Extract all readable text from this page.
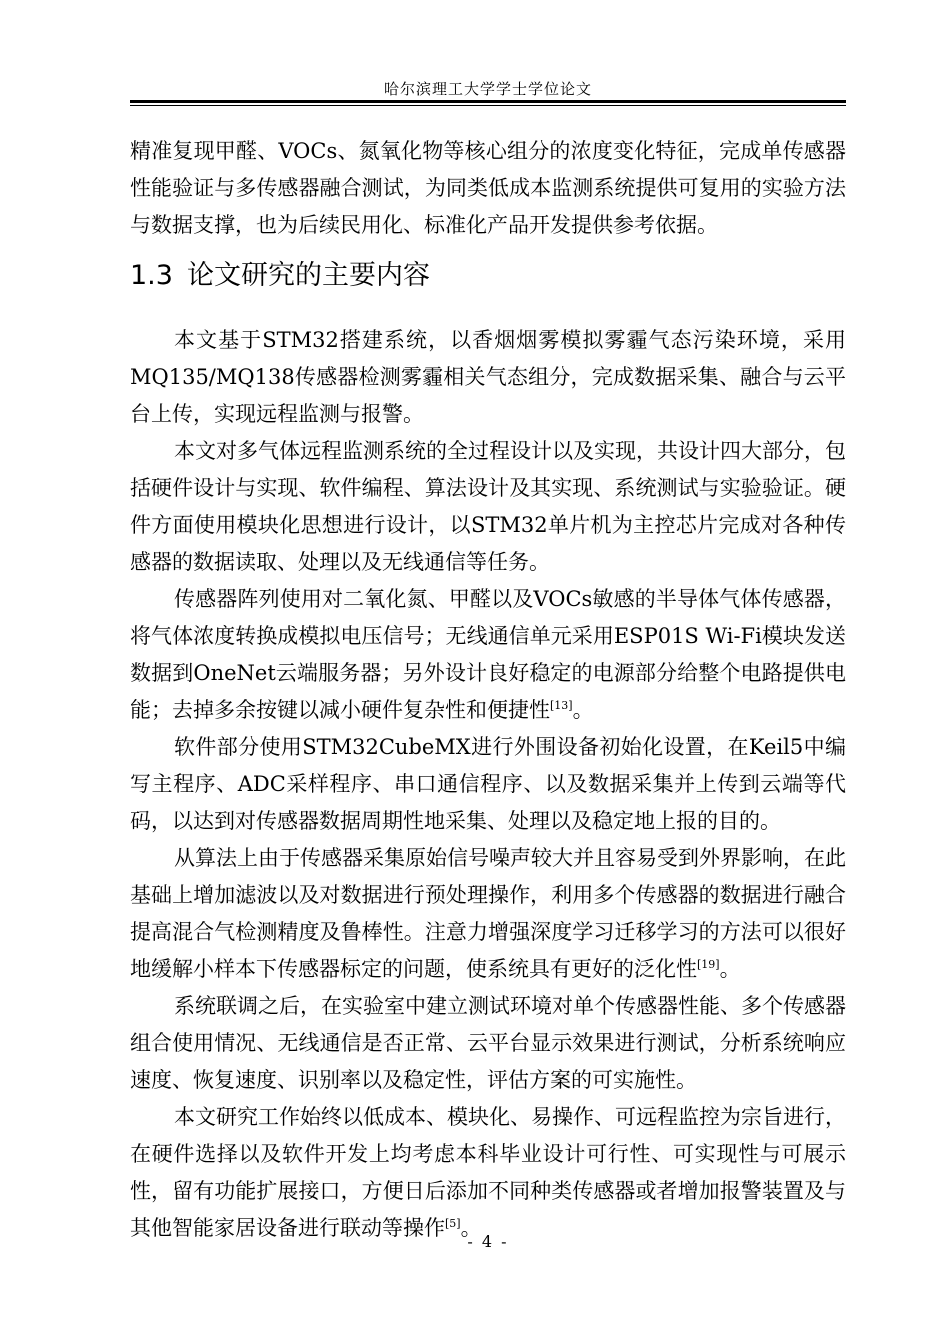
哈尔滨理工大学学士学位论文

精准复现甲醛、VOCs、氮氧化物等核心组分的浓度变化特征，完成单传感器性能验证与多传感器融合测试，为同类低成本监测系统提供可复用的实验方法与数据支撑，也为后续民用化、标准化产品开发提供参考依据。

1.3 论文研究的主要内容

本文基于STM32搭建系统，以香烟烟雾模拟雾霾气态污染环境，采用MQ135/MQ138传感器检测雾霾相关气态组分，完成数据采集、融合与云平台上传，实现远程监测与报警。

本文对多气体远程监测系统的全过程设计以及实现，共设计四大部分，包括硬件设计与实现、软件编程、算法设计及其实现、系统测试与实验验证。硬件方面使用模块化思想进行设计，以STM32单片机为主控芯片完成对各种传感器的数据读取、处理以及无线通信等任务。

传感器阵列使用对二氧化氮、甲醛以及VOCs敏感的半导体气体传感器，将气体浓度转换成模拟电压信号；无线通信单元采用ESP01S Wi-Fi模块发送数据到OneNet云端服务器；另外设计良好稳定的电源部分给整个电路提供电能；去掉多余按键以减小硬件复杂性和便捷性[13]。

软件部分使用STM32CubeMX进行外围设备初始化设置，在Keil5中编写主程序、ADC采样程序、串口通信程序、以及数据采集并上传到云端等代码，以达到对传感器数据周期性地采集、处理以及稳定地上报的目的。

从算法上由于传感器采集原始信号噪声较大并且容易受到外界影响，在此基础上增加滤波以及对数据进行预处理操作，利用多个传感器的数据进行融合提高混合气检测精度及鲁棒性。注意力增强深度学习迁移学习的方法可以很好地缓解小样本下传感器标定的问题，使系统具有更好的泛化性[19]。

系统联调之后，在实验室中建立测试环境对单个传感器性能、多个传感器组合使用情况、无线通信是否正常、云平台显示效果进行测试，分析系统响应速度、恢复速度、识别率以及稳定性，评估方案的可实施性。

本文研究工作始终以低成本、模块化、易操作、可远程监控为宗旨进行，在硬件选择以及软件开发上均考虑本科毕业设计可行性、可实现性与可展示性，留有功能扩展接口，方便日后添加不同种类传感器或者增加报警装置及与其他智能家居设备进行联动等操作[5]。

- 4 -
